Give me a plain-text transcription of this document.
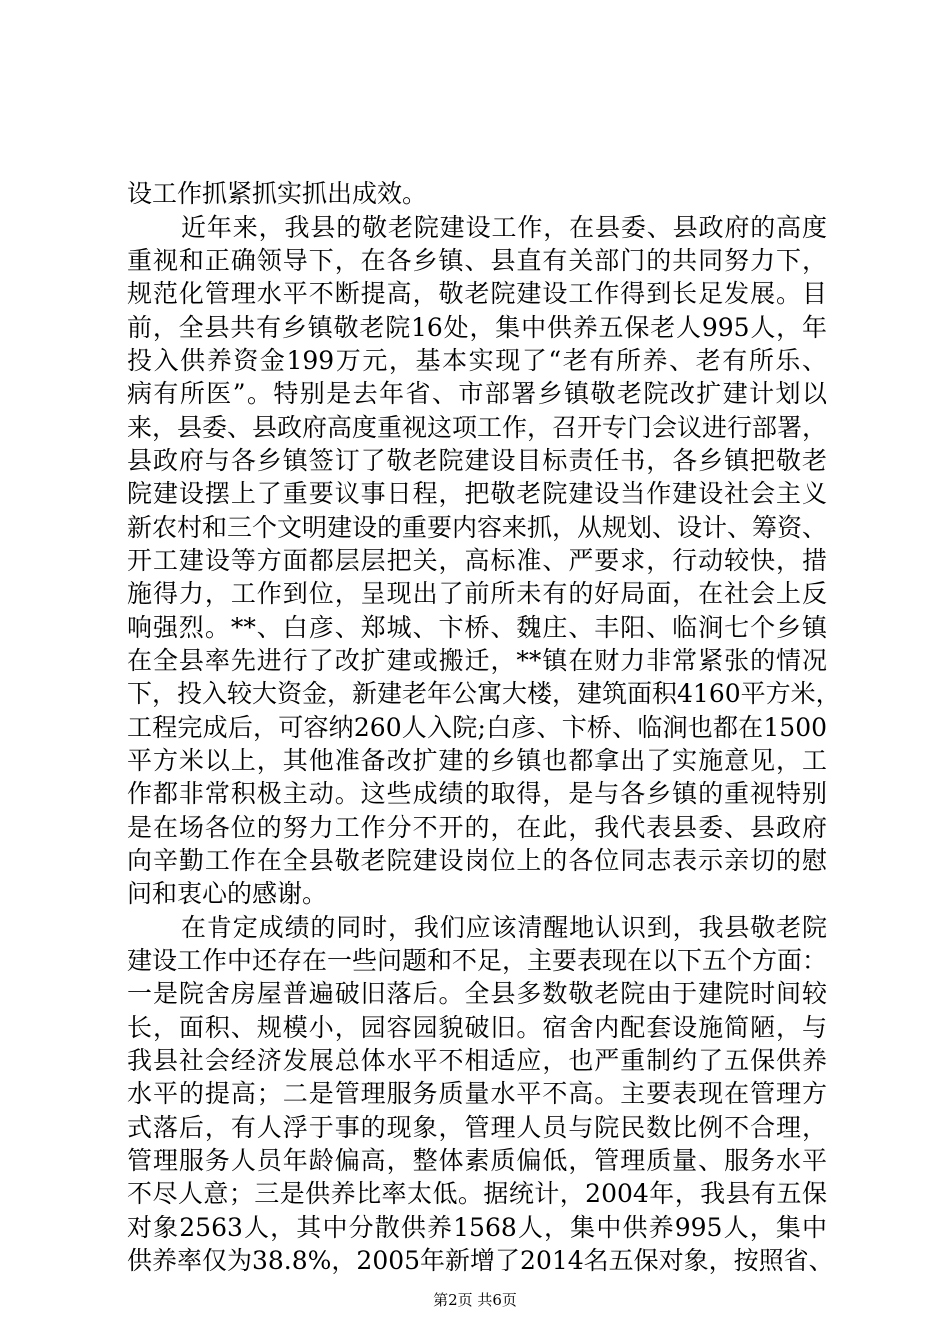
设工作抓紧抓实抓出成效。
近年来，我县的敬老院建设工作，在县委、县政府的高度
重视和正确领导下，在各乡镇、县直有关部门的共同努力下，
规范化管理水平不断提高，敬老院建设工作得到长足发展。目
前，全县共有乡镇敬老院16处，集中供养五保老人995人，年
投入供养资金199万元，基本实现了“老有所养、老有所乐、
病有所医”。特别是去年省、市部署乡镇敬老院改扩建计划以
来，县委、县政府高度重视这项工作，召开专门会议进行部署，
县政府与各乡镇签订了敬老院建设目标责任书，各乡镇把敬老
院建设摆上了重要议事日程，把敬老院建设当作建设社会主义
新农村和三个文明建设的重要内容来抓，从规划、设计、筹资、
开工建设等方面都层层把关，高标准、严要求，行动较快，措
施得力，工作到位，呈现出了前所未有的好局面，在社会上反
响强烈。**、白彦、郑城、卞桥、魏庄、丰阳、临涧七个乡镇
在全县率先进行了改扩建或搬迁，**镇在财力非常紧张的情况
下，投入较大资金，新建老年公寓大楼，建筑面积4160平方米，
工程完成后，可容纳260人入院;白彦、卞桥、临涧也都在1500
平方米以上，其他准备改扩建的乡镇也都拿出了实施意见，工
作都非常积极主动。这些成绩的取得，是与各乡镇的重视特别
是在场各位的努力工作分不开的，在此，我代表县委、县政府
向辛勤工作在全县敬老院建设岗位上的各位同志表示亲切的慰
问和衷心的感谢。
在肯定成绩的同时，我们应该清醒地认识到，我县敬老院
建设工作中还存在一些问题和不足，主要表现在以下五个方面：
一是院舍房屋普遍破旧落后。全县多数敬老院由于建院时间较
长，面积、规模小，园容园貌破旧。宿舍内配套设施简陋，与
我县社会经济发展总体水平不相适应，也严重制约了五保供养
水平的提高；二是管理服务质量水平不高。主要表现在管理方
式落后，有人浮于事的现象，管理人员与院民数比例不合理，
管理服务人员年龄偏高，整体素质偏低，管理质量、服务水平
不尽人意；三是供养比率太低。据统计，2004年，我县有五保
对象2563人，其中分散供养1568人，集中供养995人，集中
供养率仅为38.8%，2005年新增了2014名五保对象，按照省、
第2页 共6页
